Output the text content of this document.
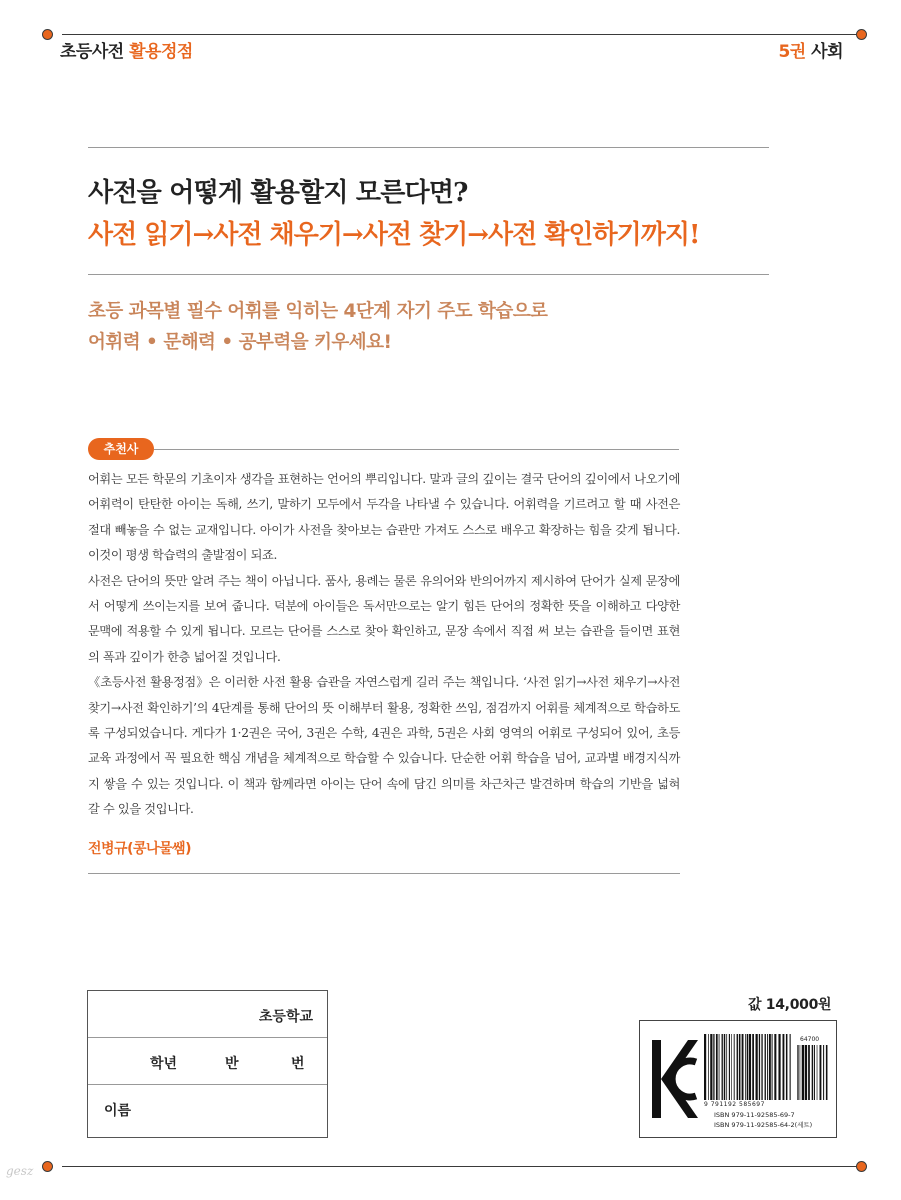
초등사전 활용정점	5권 사회
사전을 어떻게 활용할지 모른다면?
사전 읽기→사전 채우기→사전 찾기→사전 확인하기까지!
초등 과목별 필수 어휘를 익히는 4단계 자기 주도 학습으로
어휘력 • 문해력 • 공부력을 키우세요!
추천사

어휘는 모든 학문의 기초이자 생각을 표현하는 언어의 뿌리입니다. 말과 글의 깊이는 결국 단어의 깊이에서 나오기에 어휘력이 탄탄한 아이는 독해, 쓰기, 말하기 모두에서 두각을 나타낼 수 있습니다. 어휘력을 기르려고 할 때 사전은 절대 빼놓을 수 없는 교재입니다. 아이가 사전을 찾아보는 습관만 가져도 스스로 배우고 확장하는 힘을 갖게 됩니다. 이것이 평생 학습력의 출발점이 되죠.

사전은 단어의 뜻만 알려 주는 책이 아닙니다. 품사, 용례는 물론 유의어와 반의어까지 제시하여 단어가 실제 문장에서 어떻게 쓰이는지를 보여 줍니다. 덕분에 아이들은 독서만으로는 알기 힘든 단어의 정확한 뜻을 이해하고 다양한 문맥에 적용할 수 있게 됩니다. 모르는 단어를 스스로 찾아 확인하고, 문장 속에서 직접 써 보는 습관을 들이면 표현의 폭과 깊이가 한층 넓어질 것입니다.

《초등사전 활용정점》은 이러한 사전 활용 습관을 자연스럽게 길러 주는 책입니다. ‘사전 읽기→사전 채우기→사전 찾기→사전 확인하기’의 4단계를 통해 단어의 뜻 이해부터 활용, 정확한 쓰임, 점검까지 어휘를 체계적으로 학습하도록 구성되었습니다. 게다가 1·2권은 국어, 3권은 수학, 4권은 과학, 5권은 사회 영역의 어휘로 구성되어 있어, 초등 교육 과정에서 꼭 필요한 핵심 개념을 체계적으로 학습할 수 있습니다. 단순한 어휘 학습을 넘어, 교과별 배경지식까지 쌓을 수 있는 것입니다. 이 책과 함께라면 아이는 단어 속에 담긴 의미를 차근차근 발견하며 학습의 기반을 넓혀 갈 수 있을 것입니다.

전병규(콩나물쌤)
초등학교
학년	반	번
이름
값 14,000원
64700
9 791192 585697
ISBN 979-11-92585-69-7
ISBN 979-11-92585-64-2(세트)
gesz
